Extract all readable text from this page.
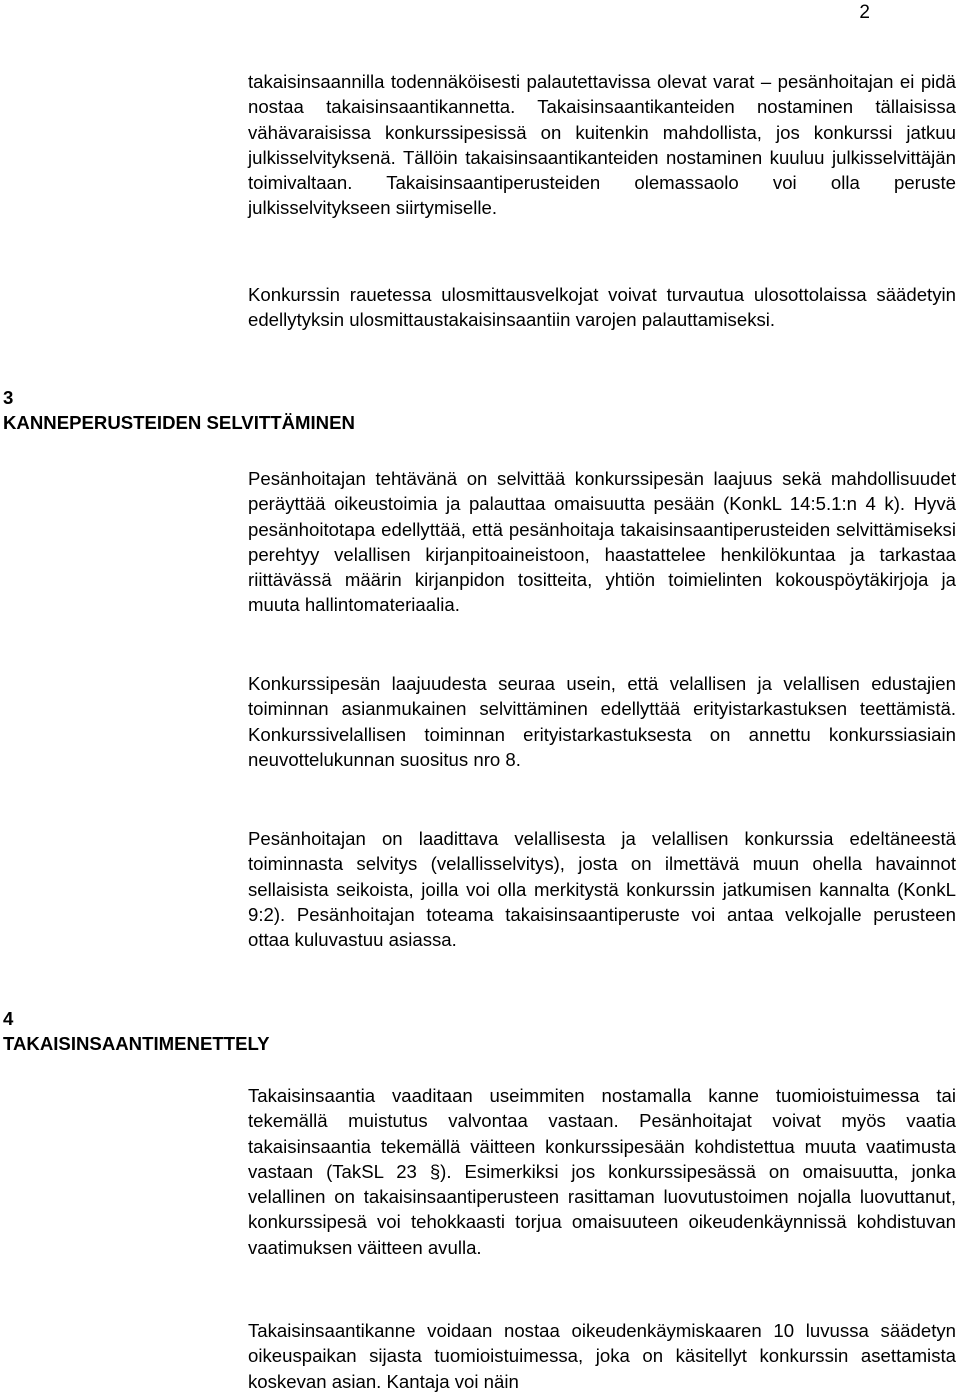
2

takaisinsaannilla todennäköisesti palautettavissa olevat varat – pesänhoitajan ei pidä nostaa takaisinsaantikannetta. Takaisinsaantikanteiden nostaminen tällaisissa vähävaraisissa konkurssipesissä on kuitenkin mahdollista, jos konkurssi jatkuu julkisselvityksenä. Tällöin takaisinsaantikanteiden nostaminen kuuluu julkisselvittäjän toimivaltaan. Takaisinsaantiperusteiden olemassaolo voi olla peruste julkisselvitykseen siirtymiselle.

Konkurssin rauetessa ulosmittausvelkojat voivat turvautua ulosottolaissa säädetyin edellytyksin ulosmittaustakaisinsaantiin varojen palauttamiseksi.

3
KANNEPERUSTEIDEN SELVITTÄMINEN

Pesänhoitajan tehtävänä on selvittää konkurssipesän laajuus sekä mahdollisuudet peräyttää oikeustoimia ja palauttaa omaisuutta pesään (KonkL 14:5.1:n 4 k). Hyvä pesänhoitotapa edellyttää, että pesänhoitaja takaisinsaantiperusteiden selvittämiseksi perehtyy velallisen kirjanpitoaineistoon, haastattelee henkilökuntaa ja tarkastaa riittävässä määrin kirjanpidon tositteita, yhtiön toimielinten kokouspöytäkirjoja ja muuta hallintomateriaalia.

Konkurssipesän laajuudesta seuraa usein, että velallisen ja velallisen edustajien toiminnan asianmukainen selvittäminen edellyttää erityistarkastuksen teettämistä. Konkurssivelallisen toiminnan erityistarkastuksesta on annettu konkurssiasiain neuvottelukunnan suositus nro 8.

Pesänhoitajan on laadittava velallisesta ja velallisen konkurssia edeltäneestä toiminnasta selvitys (velallisselvitys), josta on ilmettävä muun ohella havainnot sellaisista seikoista, joilla voi olla merkitystä konkurssin jatkumisen kannalta (KonkL 9:2). Pesänhoitajan toteama takaisinsaantiperuste voi antaa velkojalle perusteen ottaa kuluvastuu asiassa.

4
TAKAISINSAANTIMENETTELY

Takaisinsaantia vaaditaan useimmiten nostamalla kanne tuomioistuimessa tai tekemällä muistutus valvontaa vastaan. Pesänhoitajat voivat myös vaatia takaisinsaantia tekemällä väitteen konkurssipesään kohdistettua muuta vaatimusta vastaan (TakSL 23 §). Esimerkiksi jos konkurssipesässä on omaisuutta, jonka velallinen on takaisinsaantiperusteen rasittaman luovutustoimen nojalla luovuttanut, konkurssipesä voi tehokkaasti torjua omaisuuteen oikeudenkäynnissä kohdistuvan vaatimuksen väitteen avulla.

Takaisinsaantikanne voidaan nostaa oikeudenkäymiskaaren 10 luvussa säädetyn oikeuspaikan sijasta tuomioistuimessa, joka on käsitellyt konkurssin asettamista koskevan asian. Kantaja voi näin
